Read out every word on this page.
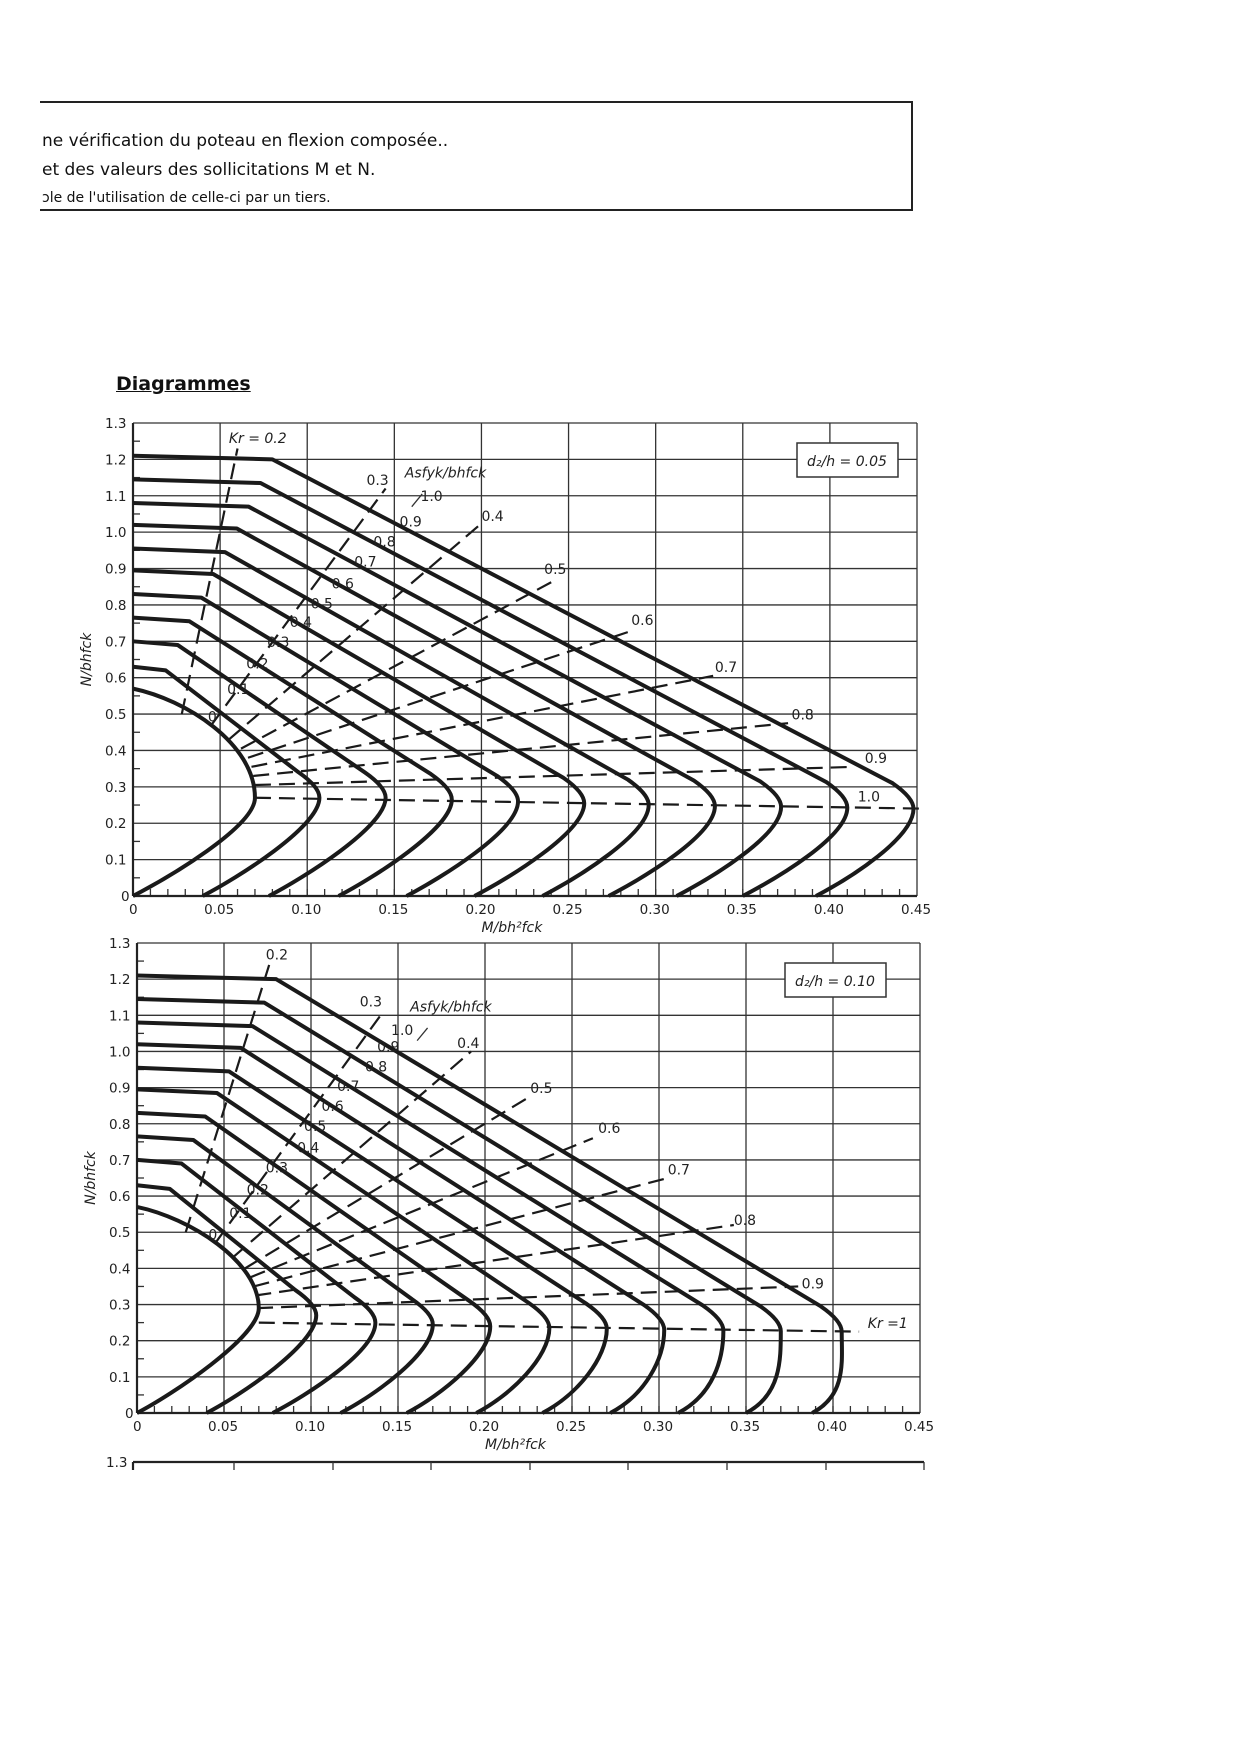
ne vérification du poteau en flexion composée..
et des valeurs des sollicitations M et N.
ɔle de l'utilisation de celle-ci par un tiers.
Diagrammes
0	0.05	0.10	0.15	0.20	0.25	0.30	0.35	0.40	0.45
0
0.1
0.2
0.3
0.4
0.5
0.6
0.7
0.8
0.9
1.0
1.1
1.2
1.3
Kr = 0.2
0.3
0.4
0.5
0.6
0.7
0.8
0.9
1.0
0
0.1
0.2
0.3
0.4
0.5
0.6
0.7
0.8
0.9
1.0
Asfyk/bhfck
d₂/h = 0.05
N/bhfck
M/bh²fck
0	0.05	0.10	0.15	0.20	0.25	0.30	0.35	0.40	0.45
0
0.1
0.2
0.3
0.4
0.5
0.6
0.7
0.8
0.9
1.0
1.1
1.2
1.3
0.2
0.3
0.4
0.5
0.6
0.7
0.8
0.9
Kr =1
0
0.1
0.2
0.3
0.4
0.5
0.6
0.7
0.8
0.9
1.0
Asfyk/bhfck
d₂/h = 0.10
N/bhfck
M/bh²fck
1.3
